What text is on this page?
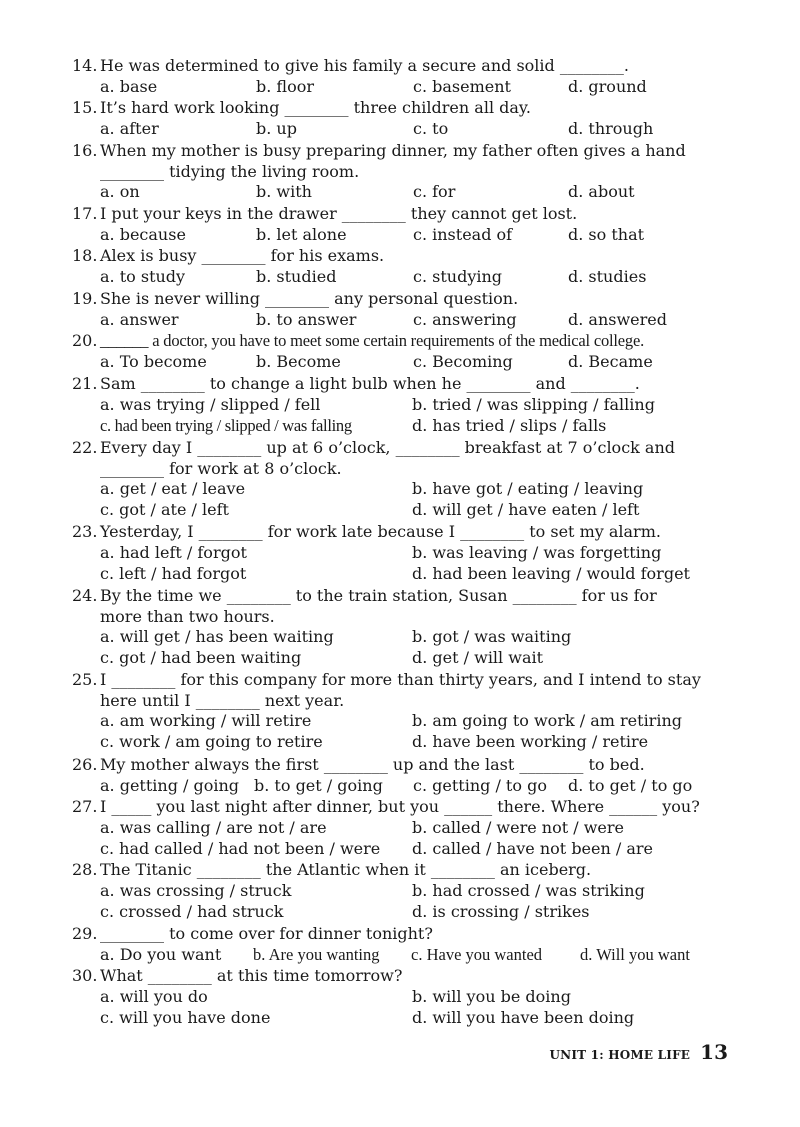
14. He was determined to give his family a secure and solid ________.
a. base	b. floor	c. basement	d. ground
15. It’s hard work looking ________ three children all day.
a. after	b. up	c. to	d. through
16. When my mother is busy preparing dinner, my father often gives a hand
________ tidying the living room.
a. on	b. with	c. for	d. about
17. I put your keys in the drawer ________ they cannot get lost.
a. because	b. let alone	c. instead of	d. so that
18. Alex is busy ________ for his exams.
a. to study	b. studied	c. studying	d. studies
19. She is never willing ________ any personal question.
a. answer	b. to answer	c. answering	d. answered
20. ______ a doctor, you have to meet some certain requirements of the medical college.
a. To become	b. Become	c. Becoming	d. Became
21. Sam ________ to change a light bulb when he ________ and ________.
a. was trying / slipped / fell	b. tried / was slipping / falling
c. had been trying / slipped / was falling	d. has tried / slips / falls
22. Every day I ________ up at 6 o’clock, ________ breakfast at 7 o’clock and
________ for work at 8 o’clock.
a. get / eat / leave	b. have got / eating / leaving
c. got / ate / left	d. will get / have eaten / left
23. Yesterday, I ________ for work late because I ________ to set my alarm.
a. had left / forgot	b. was leaving / was forgetting
c. left / had forgot	d. had been leaving / would forget
24. By the time we ________ to the train station, Susan ________ for us for
more than two hours.
a. will get / has been waiting	b. got / was waiting
c. got / had been waiting	d. get / will wait
25. I ________ for this company for more than thirty years, and I intend to stay
here until I ________ next year.
a. am working / will retire	b. am going to work / am retiring
c. work / am going to retire	d. have been working / retire
26. My mother always the first ________ up and the last ________ to bed.
a. getting / going b. to get / going c. getting / to go d. to get / to go
27. I _____ you last night after dinner, but you ______ there. Where ______ you?
a. was calling / are not / are	b. called / were not / were
c. had called / had not been / were d. called / have not been / are
28. The Titanic ________ the Atlantic when it ________ an iceberg.
a. was crossing / struck	b. had crossed / was striking
c. crossed / had struck	d. is crossing / strikes
29. ________ to come over for dinner tonight?
a. Do you want b. Are you wanting c. Have you wanted d. Will you want
30. What ________ at this time tomorrow?
a. will you do	b. will you be doing
c. will you have done	d. will you have been doing
UNIT 1: HOME LIFE 13
